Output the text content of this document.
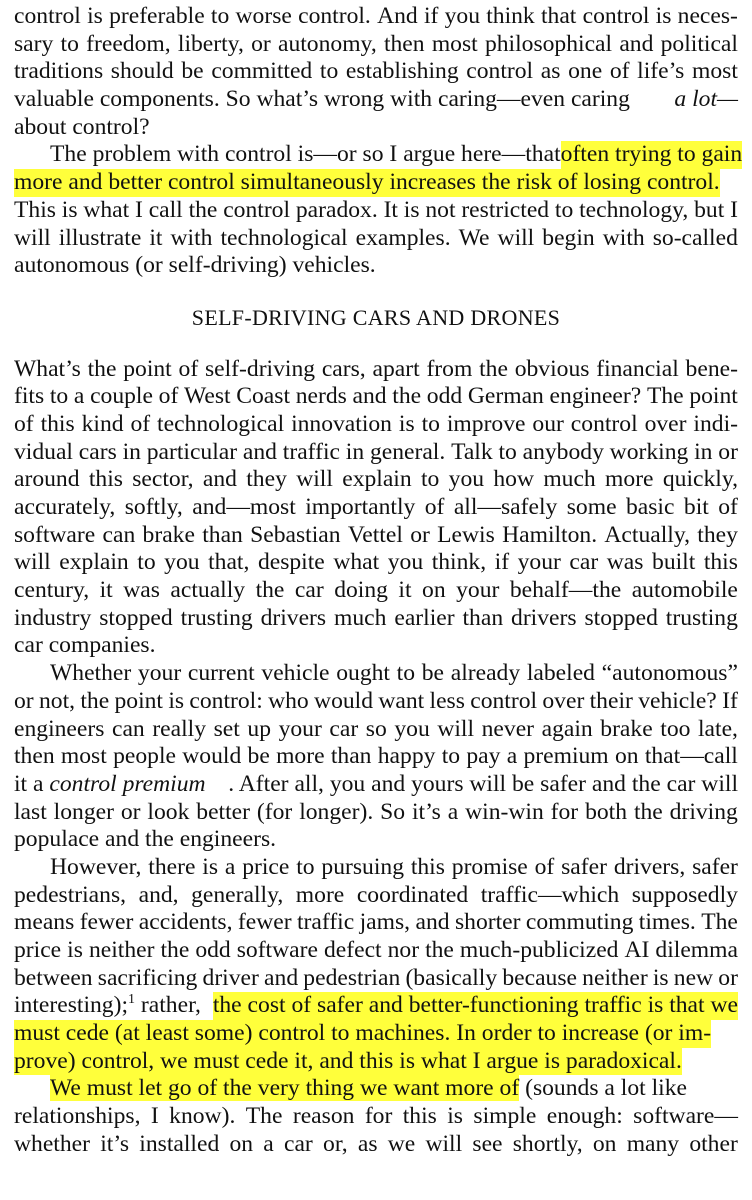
control is preferable to worse control. And if you think that control is neces-
sary to freedom, liberty, or autonomy, then most philosophical and political
traditions should be committed to establishing control as one of life’s most
valuable components. So what’s wrong with caring—even caring a lot—
about control?
The problem with control is—or so I argue here—that often trying to gain
more and better control simultaneously increases the risk of losing control.
This is what I call the control paradox. It is not restricted to technology, but I
will illustrate it with technological examples. We will begin with so-called
autonomous (or self-driving) vehicles.
SELF-DRIVING CARS AND DRONES
What’s the point of self-driving cars, apart from the obvious financial bene-
fits to a couple of West Coast nerds and the odd German engineer? The point
of this kind of technological innovation is to improve our control over indi-
vidual cars in particular and traffic in general. Talk to anybody working in or
around this sector, and they will explain to you how much more quickly,
accurately, softly, and—most importantly of all—safely some basic bit of
software can brake than Sebastian Vettel or Lewis Hamilton. Actually, they
will explain to you that, despite what you think, if your car was built this
century, it was actually the car doing it on your behalf—the automobile
industry stopped trusting drivers much earlier than drivers stopped trusting
car companies.
Whether your current vehicle ought to be already labeled “autonomous”
or not, the point is control: who would want less control over their vehicle? If
engineers can really set up your car so you will never again brake too late,
then most people would be more than happy to pay a premium on that—call
it a control premium . After all, you and yours will be safer and the car will
last longer or look better (for longer). So it’s a win-win for both the driving
populace and the engineers.
However, there is a price to pursuing this promise of safer drivers, safer
pedestrians, and, generally, more coordinated traffic—which supposedly
means fewer accidents, fewer traffic jams, and shorter commuting times. The
price is neither the odd software defect nor the much-publicized AI dilemma
between sacrificing driver and pedestrian (basically because neither is new or
interesting);$^1$ rather, the cost of safer and better-functioning traffic is that we
must cede (at least some) control to machines. In order to increase (or im-
prove) control, we must cede it, and this is what I argue is paradoxical.
We must let go of the very thing we want more of (sounds a lot like
relationships, I know). The reason for this is simple enough: software—
whether it’s installed on a car or, as we will see shortly, on many other
